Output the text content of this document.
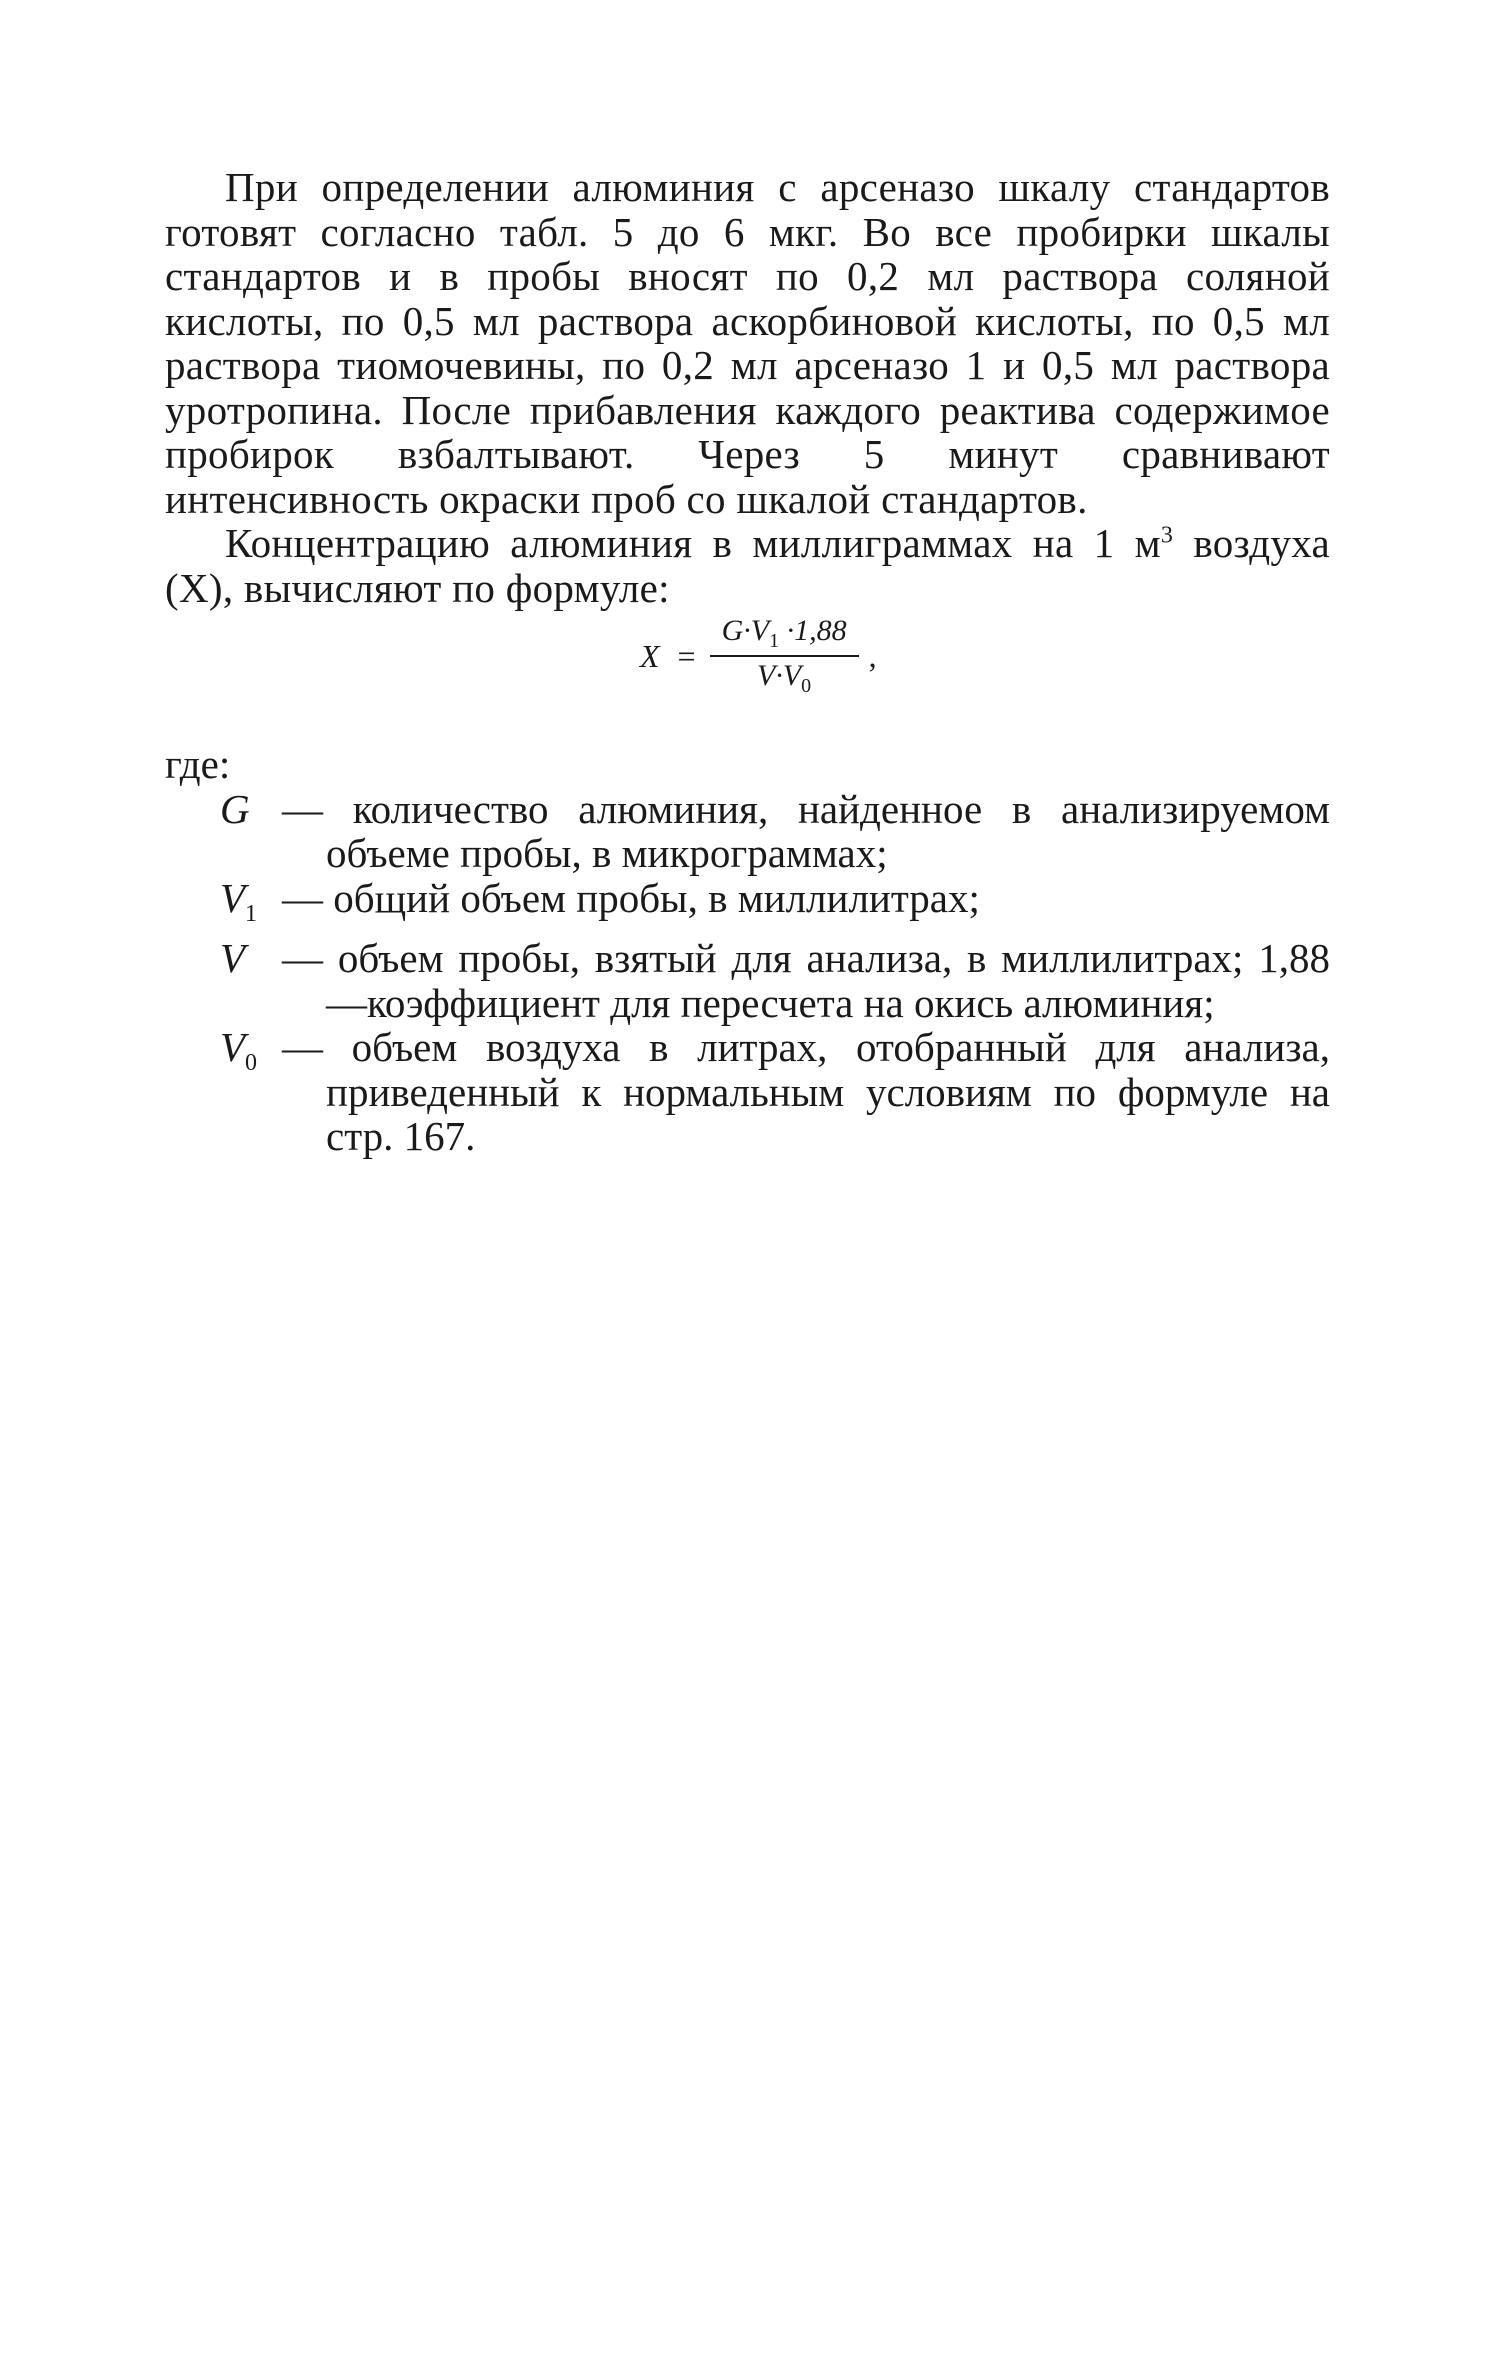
При определении алюминия с арсеназо шкалу стандартов готовят согласно табл. 5 до 6 мкг. Во все пробирки шкалы стандартов и в пробы вносят по 0,2 мл раствора соляной кислоты, по 0,5 мл раствора аскорбиновой кислоты, по 0,5 мл раствора тиомочевины, по 0,2 мл арсеназо 1 и 0,5 мл раствора уротропина. После прибавления каждого реактива содержимое пробирок взбалтывают. Через 5 минут сравнивают интенсивность окраски проб со шкалой стандартов.

Концентрацию алюминия в миллиграммах на 1 $м^3$ воздуха (X), вычисляют по формуле:

$X = \frac{G\cdot V_1 \cdot 1,88}{V\cdot V_0}$ ,

где:

G — количество алюминия, найденное в анализируемом объеме пробы, в микрограммах;
$V_1$ — общий объем пробы, в миллилитрах;
V — объем пробы, взятый для анализа, в миллилитрах; 1,88—коэффициент для пересчета на окись алюминия;
$V_0$ — объем воздуха в литрах, отобранный для анализа, приведенный к нормальным условиям по формуле на стр. 167.
